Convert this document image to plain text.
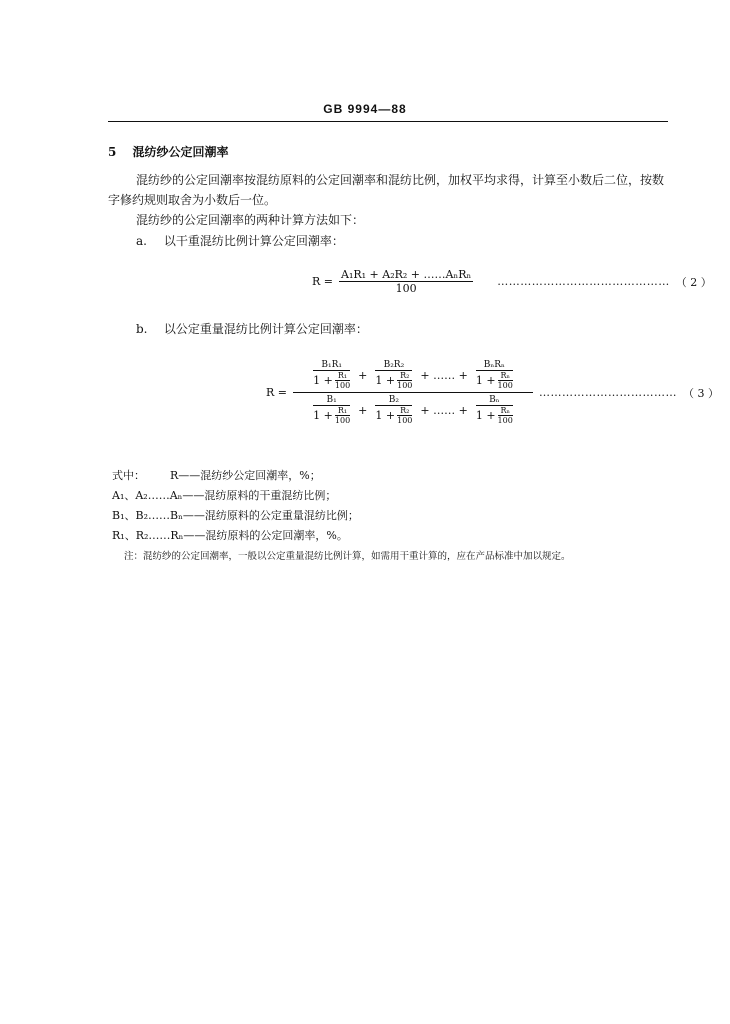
GB 9994—88
5 混纺纱公定回潮率
混纺纱的公定回潮率按混纺原料的公定回潮率和混纺比例，加权平均求得，计算至小数后二位，按数字修约规则取舍为小数后一位。
混纺纱的公定回潮率的两种计算方法如下：
a. 以干重混纺比例计算公定回潮率：
$R = \frac{\text{A₁R₁ + A₂R₂ + ……AₙRₙ}}{100}$ ……………………………………… （ 2 ）
b. 以公定重量混纺比例计算公定回潮率：
R =
B₁R₁
$1 + \frac{\text{R₁}}{100}$ +
B₂R₂
$1 + \frac{\text{R₂}}{100}$ + …… +
BₙRₙ
$1 + \frac{\text{Rₙ}}{100}$
B₁
$1 + \frac{\text{R₁}}{100}$ +
B₂
$1 + \frac{\text{R₂}}{100}$ + …… +
Bₙ
$1 + \frac{\text{Rₙ}}{100}$
……………………………… （ 3 ）
式中： R——混纺纱公定回潮率，%；
A₁、A₂……Aₙ——混纺原料的干重混纺比例；
B₁、B₂……Bₙ——混纺原料的公定重量混纺比例；
R₁、R₂……Rₙ——混纺原料的公定回潮率，%。
注：混纺纱的公定回潮率，一般以公定重量混纺比例计算，如需用干重计算的，应在产品标准中加以规定。
